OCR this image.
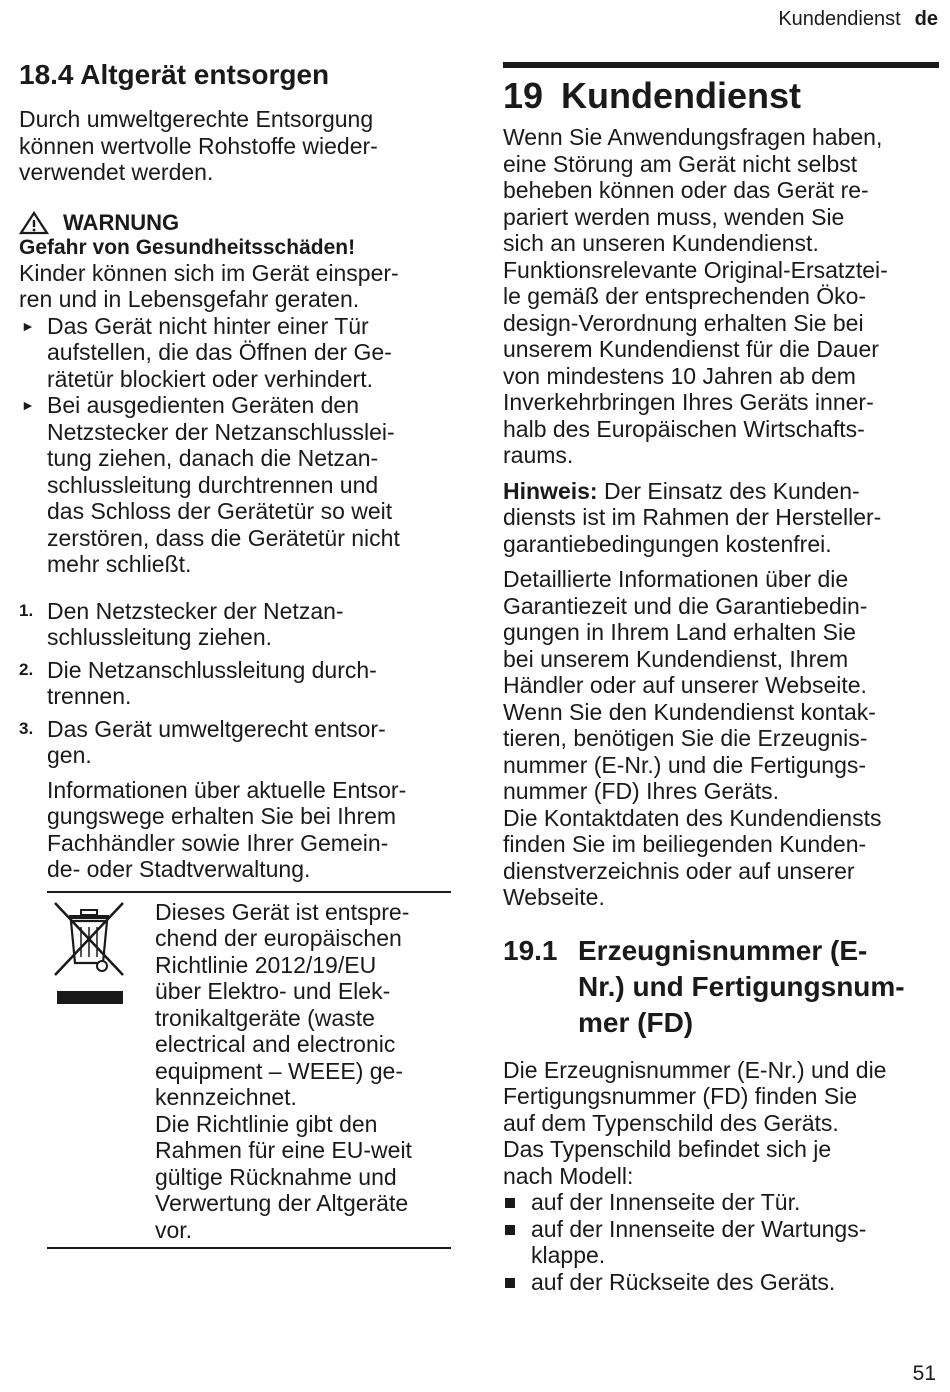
Kundendienst de
18.4 Altgerät entsorgen
Durch umweltgerechte Entsorgung
können wertvolle Rohstoffe wieder-
verwendet werden.
WARNUNG
Gefahr von Gesundheitsschäden!
Kinder können sich im Gerät einsper-
ren und in Lebensgefahr geraten.
► Das Gerät nicht hinter einer Tür
aufstellen, die das Öffnen der Ge-
rätetür blockiert oder verhindert.
► Bei ausgedienten Geräten den
Netzstecker der Netzanschlusslei-
tung ziehen, danach die Netzan-
schlussleitung durchtrennen und
das Schloss der Gerätetür so weit
zerstören, dass die Gerätetür nicht
mehr schließt.
1. Den Netzstecker der Netzan-
schlussleitung ziehen.
2. Die Netzanschlussleitung durch-
trennen.
3. Das Gerät umweltgerecht entsor-
gen.
Informationen über aktuelle Entsor-
gungswege erhalten Sie bei Ihrem
Fachhändler sowie Ihrer Gemein-
de- oder Stadtverwaltung.
Dieses Gerät ist entspre-
chend der europäischen
Richtlinie 2012/19/EU
über Elektro- und Elek-
tronikaltgeräte (waste
electrical and electronic
equipment – WEEE) ge-
kennzeichnet.
Die Richtlinie gibt den
Rahmen für eine EU-weit
gültige Rücknahme und
Verwertung der Altgeräte
vor.
19 Kundendienst
Wenn Sie Anwendungsfragen haben,
eine Störung am Gerät nicht selbst
beheben können oder das Gerät re-
pariert werden muss, wenden Sie
sich an unseren Kundendienst.
Funktionsrelevante Original-Ersatztei-
le gemäß der entsprechenden Öko-
design-Verordnung erhalten Sie bei
unserem Kundendienst für die Dauer
von mindestens 10 Jahren ab dem
Inverkehrbringen Ihres Geräts inner-
halb des Europäischen Wirtschafts-
raums.
Hinweis: Der Einsatz des Kunden-
diensts ist im Rahmen der Hersteller-
garantiebedingungen kostenfrei.
Detaillierte Informationen über die
Garantiezeit und die Garantiebedin-
gungen in Ihrem Land erhalten Sie
bei unserem Kundendienst, Ihrem
Händler oder auf unserer Webseite.
Wenn Sie den Kundendienst kontak-
tieren, benötigen Sie die Erzeugnis-
nummer (E-Nr.) und die Fertigungs-
nummer (FD) Ihres Geräts.
Die Kontaktdaten des Kundendiensts
finden Sie im beiliegenden Kunden-
dienstverzeichnis oder auf unserer
Webseite.
19.1 Erzeugnisnummer (E-
Nr.) und Fertigungsnum-
mer (FD)
Die Erzeugnisnummer (E-Nr.) und die
Fertigungsnummer (FD) finden Sie
auf dem Typenschild des Geräts.
Das Typenschild befindet sich je
nach Modell:
auf der Innenseite der Tür.
auf der Innenseite der Wartungs-
klappe.
auf der Rückseite des Geräts.
51
